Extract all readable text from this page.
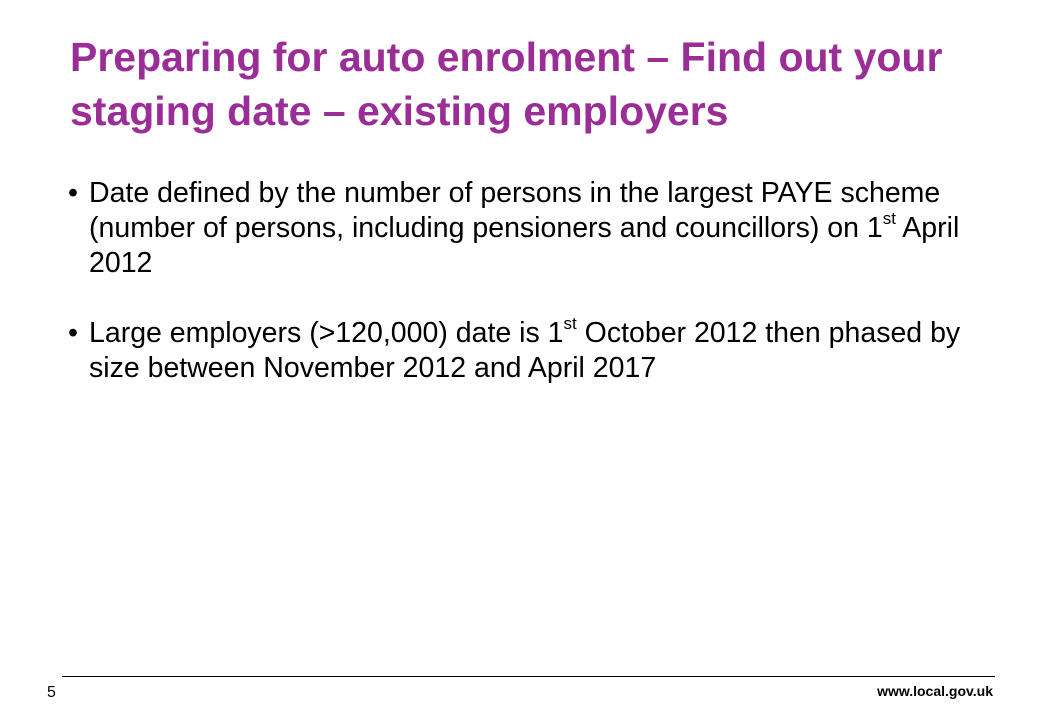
Preparing for auto enrolment – Find out your staging date – existing employers
• Date defined by the number of persons in the largest PAYE scheme (number of persons, including pensioners and councillors) on 1st April 2012
• Large employers (>120,000) date is 1st October 2012 then phased by size between November 2012 and April 2017
5	www.local.gov.uk
